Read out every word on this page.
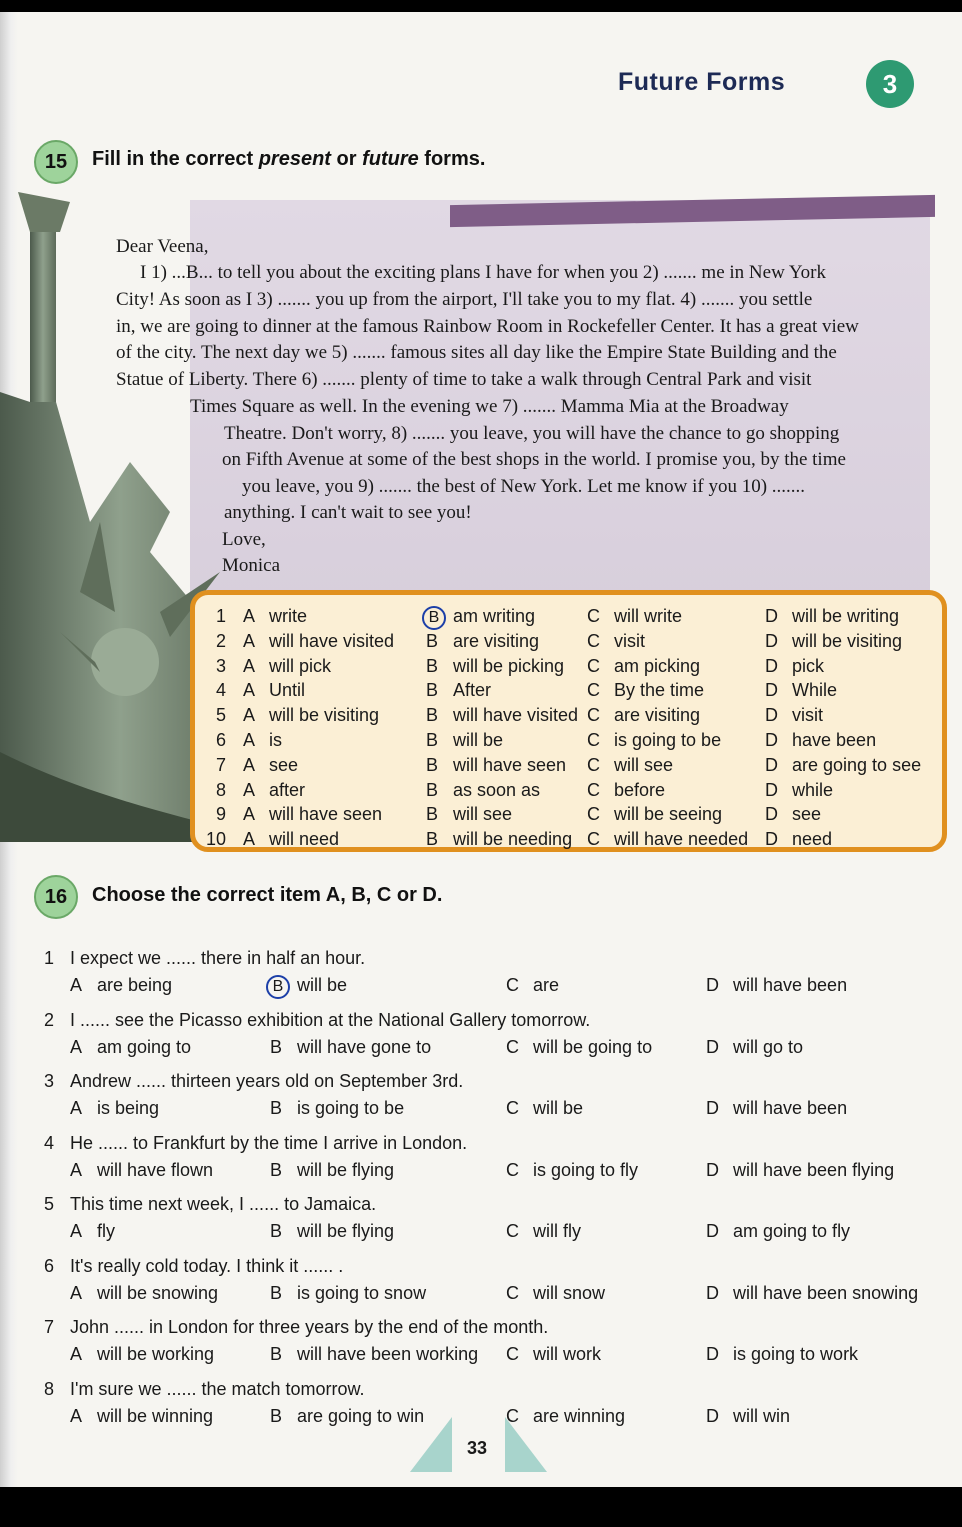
Future Forms	3
15	Fill in the correct present or future forms.
Dear Veena,
I 1) ...B... to tell you about the exciting plans I have for when you 2) ....... me in New York
City! As soon as I 3) ....... you up from the airport, I'll take you to my flat. 4) ....... you settle
in, we are going to dinner at the famous Rainbow Room in Rockefeller Center. It has a great view
of the city. The next day we 5) ....... famous sites all day like the Empire State Building and the
Statue of Liberty. There 6) ....... plenty of time to take a walk through Central Park and visit
Times Square as well. In the evening we 7) ....... Mamma Mia at the Broadway
Theatre. Don't worry, 8) ....... you leave, you will have the chance to go shopping
on Fifth Avenue at some of the best shops in the world. I promise you, by the time
you leave, you 9) ....... the best of New York. Let me know if you 10) .......
anything. I can't wait to see you!
Love,
Monica
1 A write	B am writing	C will write	D will be writing
2 A will have visited B are visiting	C visit	D will be visiting
3 A will pick	B will be picking C am picking	D pick
4 A Until	B After	C By the time	D While
5 A will be visiting	B will have visited C are visiting	D visit
6 A is	B will be	C is going to be D have been
7 A see	B will have seen C will see	D are going to see
8 A after	B as soon as	C before	D while
9 A will have seen B will see	C will be seeing D see
10 A will need	B will be needing C will have needed D need
16	Choose the correct item A, B, C or D.
1 I expect we ...... there in half an hour.
A are being	B will be	C are	D will have been
2 I ...... see the Picasso exhibition at the National Gallery tomorrow.
A am going to	B will have gone to	C will be going to	D will go to
3 Andrew ...... thirteen years old on September 3rd.
A is being	B is going to be	C will be	D will have been
4 He ...... to Frankfurt by the time I arrive in London.
A will have flown	B will be flying	C is going to fly	D will have been flying
5 This time next week, I ...... to Jamaica.
A fly	B will be flying	C will fly	D am going to fly
6 It's really cold today. I think it ...... .
A will be snowing	B is going to snow	C will snow	D will have been snowing
7 John ...... in London for three years by the end of the month.
A will be working	B will have been working C will work	D is going to work
8 I'm sure we ...... the match tomorrow.
A will be winning	B are going to win	C are winning	D will win
33
